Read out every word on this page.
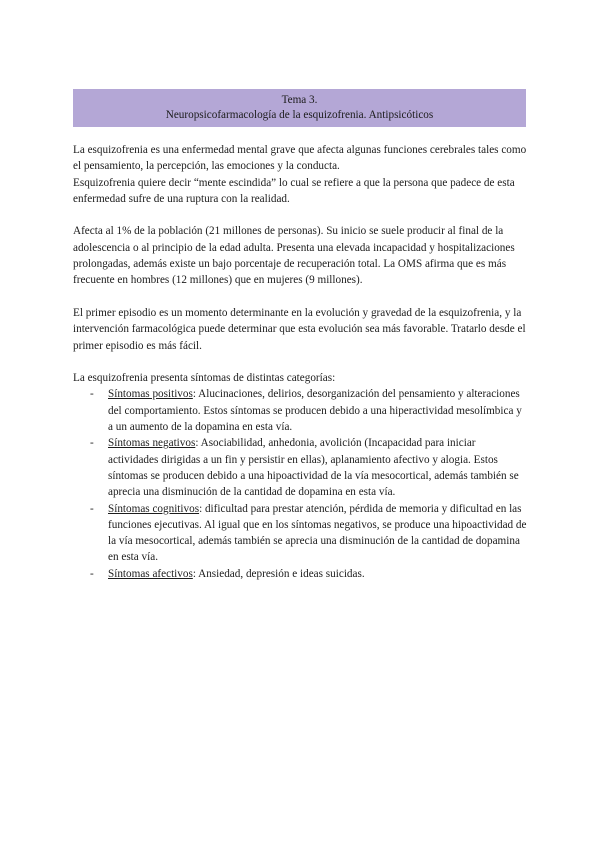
Tema 3.
Neuropsicofarmacología de la esquizofrenia. Antipsicóticos

La esquizofrenia es una enfermedad mental grave que afecta algunas funciones cerebrales tales como el pensamiento, la percepción, las emociones y la conducta.

Esquizofrenia quiere decir “mente escindida” lo cual se refiere a que la persona que padece de esta enfermedad sufre de una ruptura con la realidad.

Afecta al 1% de la población (21 millones de personas). Su inicio se suele producir al final de la adolescencia o al principio de la edad adulta. Presenta una elevada incapacidad y hospitalizaciones prolongadas, además existe un bajo porcentaje de recuperación total. La OMS afirma que es más frecuente en hombres (12 millones) que en mujeres (9 millones).

El primer episodio es un momento determinante en la evolución y gravedad de la esquizofrenia, y la intervención farmacológica puede determinar que esta evolución sea más favorable. Tratarlo desde el primer episodio es más fácil.

La esquizofrenia presenta síntomas de distintas categorías:

- Síntomas positivos: Alucinaciones, delirios, desorganización del pensamiento y alteraciones del comportamiento. Estos síntomas se producen debido a una hiperactividad mesolímbica y a un aumento de la dopamina en esta vía.
- Síntomas negativos: Asociabilidad, anhedonia, avolición (Incapacidad para iniciar actividades dirigidas a un fin y persistir en ellas), aplanamiento afectivo y alogia. Estos síntomas se producen debido a una hipoactividad de la vía mesocortical, además también se aprecia una disminución de la cantidad de dopamina en esta vía.
- Síntomas cognitivos: dificultad para prestar atención, pérdida de memoria y dificultad en las funciones ejecutivas. Al igual que en los síntomas negativos, se produce una hipoactividad de la vía mesocortical, además también se aprecia una disminución de la cantidad de dopamina en esta vía.
- Síntomas afectivos: Ansiedad, depresión e ideas suicidas.
